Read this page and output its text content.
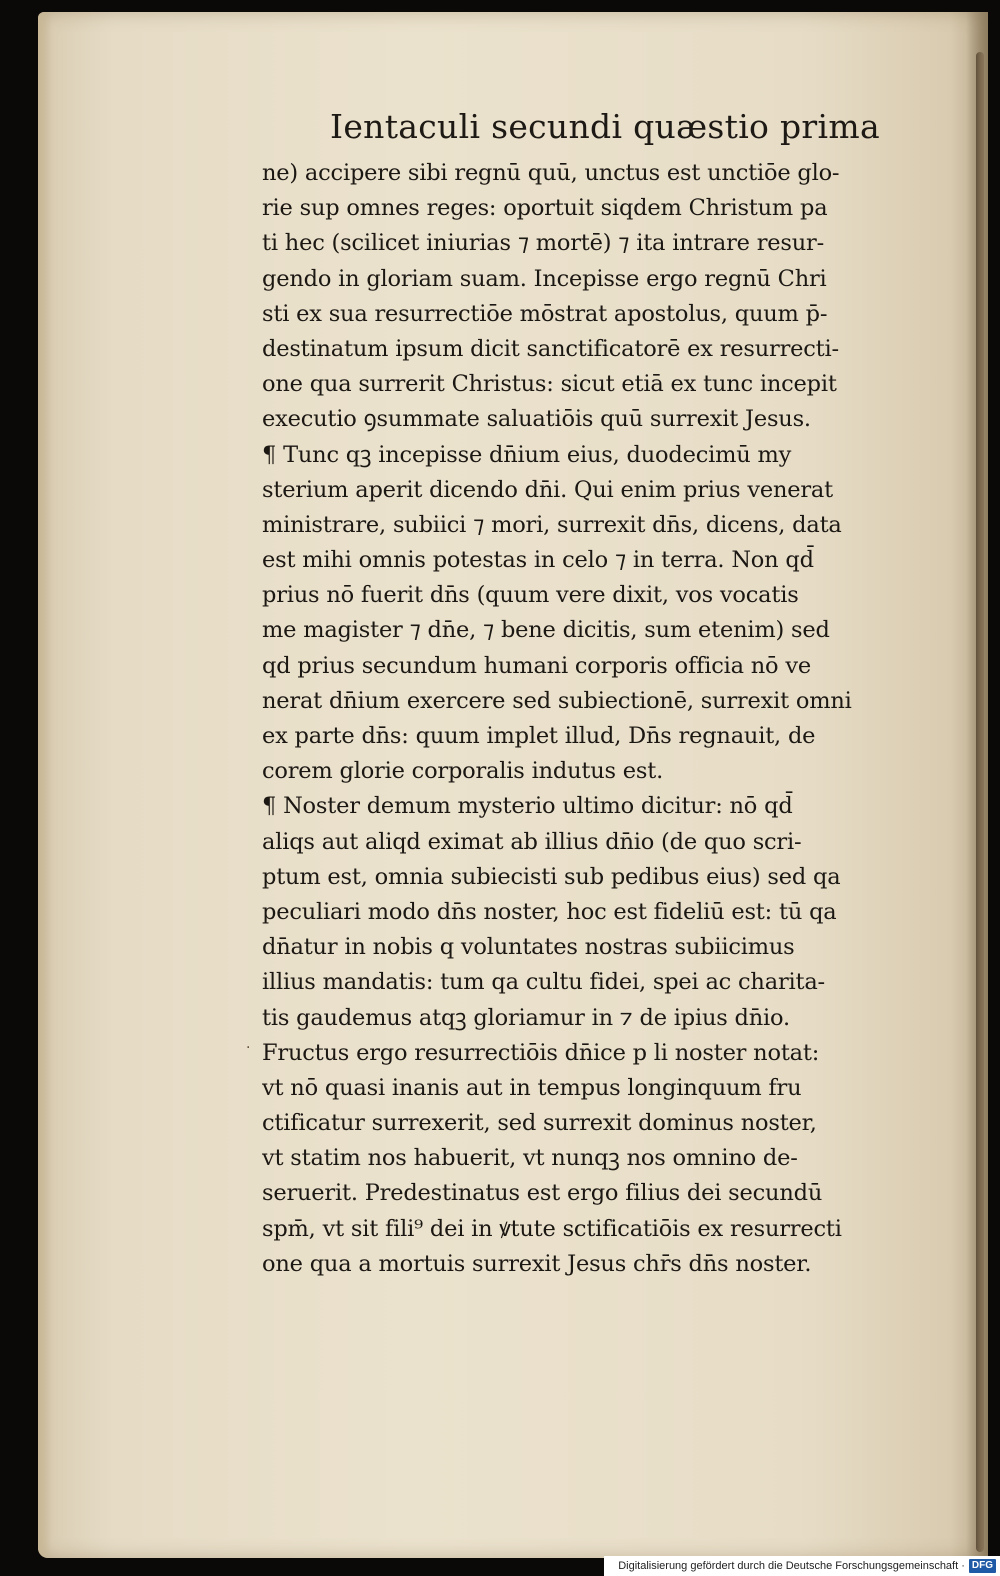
Ientaculi secundi quæstio prima
ne) accipere sibi regnū quū, unctus est unctiōe glo-
rie sup omnes reges: oportuit siqdem Christum pa
ti hec (scilicet iniurias ⁊ mortē) ⁊ ita intrare resur-
gendo in gloriam suam. Incepisse ergo regnū Chri
sti ex sua resurrectiōe mōstrat apostolus, quum p̄-
destinatum ipsum dicit sanctificatorē ex resurrecti-
one qua surrerit Christus: sicut etiā ex tunc incepit
executio ꝯsummate saluatiōis quū surrexit Jesus.
¶ Tunc qꝫ incepisse dn̄ium eius, duodecimū my
sterium aperit dicendo dn̄i. Qui enim prius venerat
ministrare, subiici ⁊ mori, surrexit dn̄s, dicens, data
est mihi omnis potestas in celo ⁊ in terra. Non qd̄
prius nō fuerit dn̄s (quum vere dixit, vos vocatis
me magister ⁊ dn̄e, ⁊ bene dicitis, sum etenim) sed
qd prius secundum humani corporis officia nō ve
nerat dn̄ium exercere sed subiectionē, surrexit omni
ex parte dn̄s: quum implet illud, Dn̄s regnauit, de
corem glorie corporalis indutus est.
¶ Noster demum mysterio ultimo dicitur: nō qd̄
aliqs aut aliqd eximat ab illius dn̄io (de quo scri-
ptum est, omnia subiecisti sub pedibus eius) sed qa
peculiari modo dn̄s noster, hoc est fideliū est: tū qa
dn̄atur in nobis q voluntates nostras subiicimus
illius mandatis: tum qa cultu fidei, spei ac charita-
tis gaudemus atqꝫ gloriamur in ⁊ de ipius dn̄io.
Fructus ergo resurrectiōis dn̄ice p li noster notat:
vt nō quasi inanis aut in tempus longinquum fru
ctificatur surrexerit, sed surrexit dominus noster,
vt statim nos habuerit, vt nunqꝫ nos omnino de-
seruerit. Predestinatus est ergo filius dei secundū
spm̄, vt sit fili⁹ dei in ꝟtute sctificatiōis ex resurrecti
one qua a mortuis surrexit Jesus chr̄s dn̄s noster.
·
Digitalisierung gefördert durch die Deutsche Forschungsgemeinschaft · DFG
